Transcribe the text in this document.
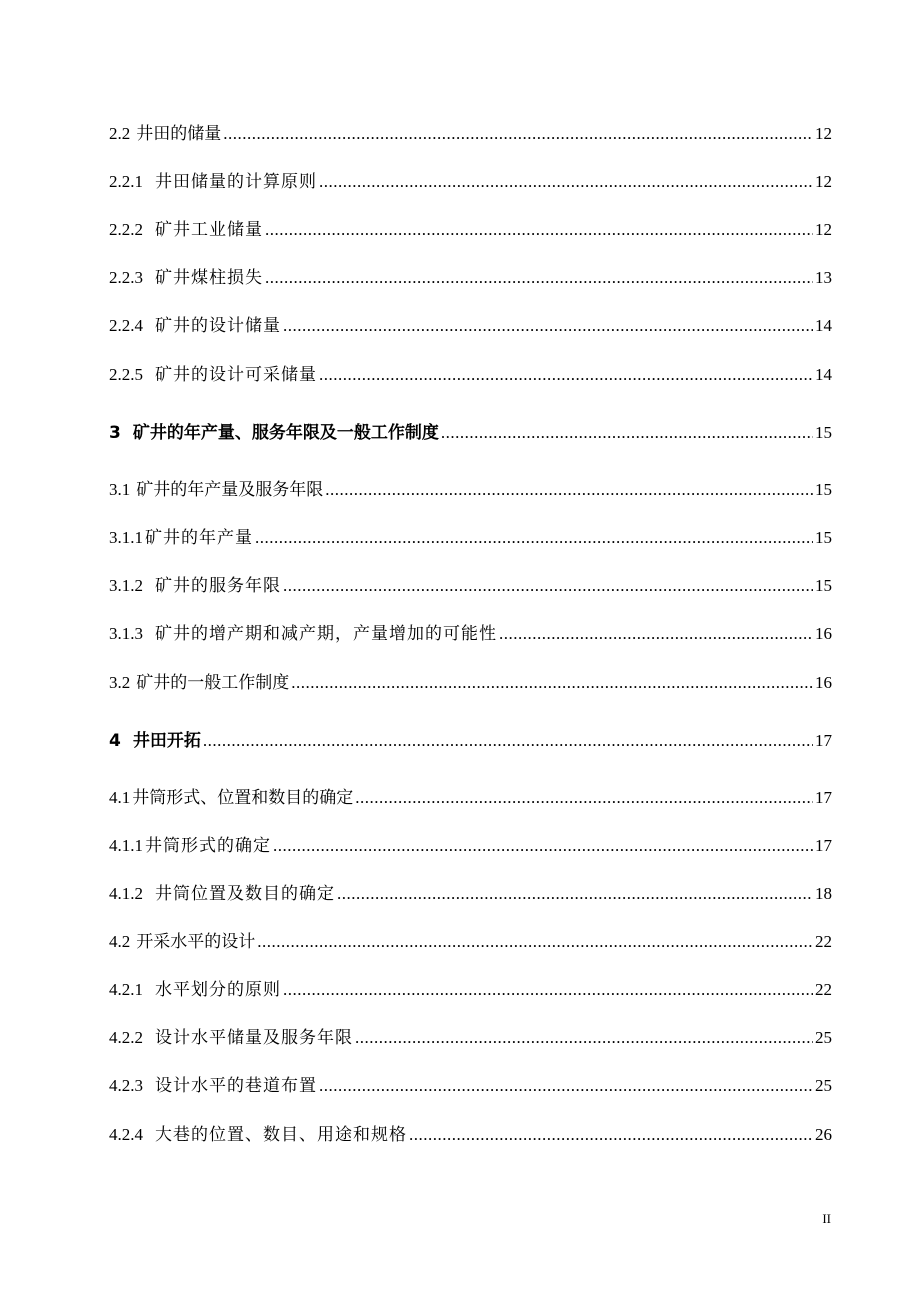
2.2 井田的储量 .....	12
2.2.1 井田储量的计算原则 .....	12
2.2.2 矿井工业储量 .....	12
2.2.3 矿井煤柱损失 .....	13
2.2.4 矿井的设计储量 .....	14
2.2.5 矿井的设计可采储量 .....	14
3 矿井的年产量、服务年限及一般工作制度 .....	15
3.1 矿井的年产量及服务年限 .....	15
3.1.1 矿井的年产量 .....	15
3.1.2 矿井的服务年限 .....	15
3.1.3 矿井的增产期和减产期，产量增加的可能性 .....	16
3.2 矿井的一般工作制度 .....	16
4 井田开拓 .....	17
4.1 井筒形式、位置和数目的确定 .....	17
4.1.1 井筒形式的确定 .....	17
4.1.2 井筒位置及数目的确定 .....	18
4.2 开采水平的设计 .....	22
4.2.1 水平划分的原则 .....	22
4.2.2 设计水平储量及服务年限 .....	25
4.2.3 设计水平的巷道布置 .....	25
4.2.4 大巷的位置、数目、用途和规格 .....	26
II
